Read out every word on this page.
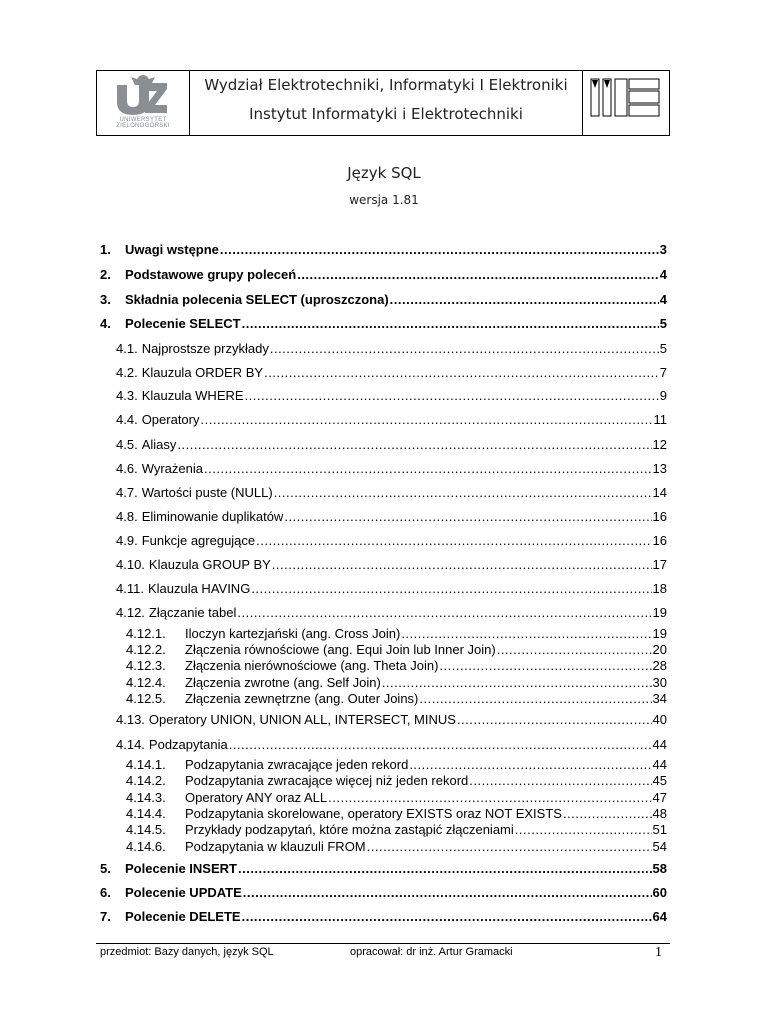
UNIWERSYTET ZIELONOGÓRSKI
Wydział Elektrotechniki, Informatyki I Elektroniki
Instytut Informatyki i Elektrotechniki
Język SQL
wersja 1.81
1.	Uwagi wstępne .....	3
2.	Podstawowe grupy poleceń .....	4
3.	Składnia polecenia SELECT (uproszczona) .....	4
4.	Polecenie SELECT .....	5
4.1. Najprostsze przykłady .....	5
4.2. Klauzula ORDER BY .....	7
4.3. Klauzula WHERE .....	9
4.4. Operatory .....	11
4.5. Aliasy .....	12
4.6. Wyrażenia .....	13
4.7. Wartości puste (NULL) .....	14
4.8. Eliminowanie duplikatów .....	16
4.9. Funkcje agregujące .....	16
4.10. Klauzula GROUP BY .....	17
4.11. Klauzula HAVING .....	18
4.12. Złączanie tabel .....	19
4.12.1.	Iloczyn kartezjański (ang. Cross Join) .....	19
4.12.2.	Złączenia równościowe (ang. Equi Join lub Inner Join) .....	20
4.12.3.	Złączenia nierównościowe (ang. Theta Join) .....	28
4.12.4.	Złączenia zwrotne (ang. Self Join) .....	30
4.12.5.	Złączenia zewnętrzne (ang. Outer Joins) .....	34
4.13. Operatory UNION, UNION ALL, INTERSECT, MINUS .....	40
4.14. Podzapytania .....	44
4.14.1.	Podzapytania zwracające jeden rekord .....	44
4.14.2.	Podzapytania zwracające więcej niż jeden rekord .....	45
4.14.3.	Operatory ANY oraz ALL .....	47
4.14.4.	Podzapytania skorelowane, operatory EXISTS oraz NOT EXISTS .....	48
4.14.5.	Przykłady podzapytań, które można zastąpić złączeniami .....	51
4.14.6.	Podzapytania w klauzuli FROM .....	54
5.	Polecenie INSERT .....	58
6.	Polecenie UPDATE .....	60
7.	Polecenie DELETE .....	64
przedmiot: Bazy danych, język SQL	opracował: dr inż. Artur Gramacki	1
